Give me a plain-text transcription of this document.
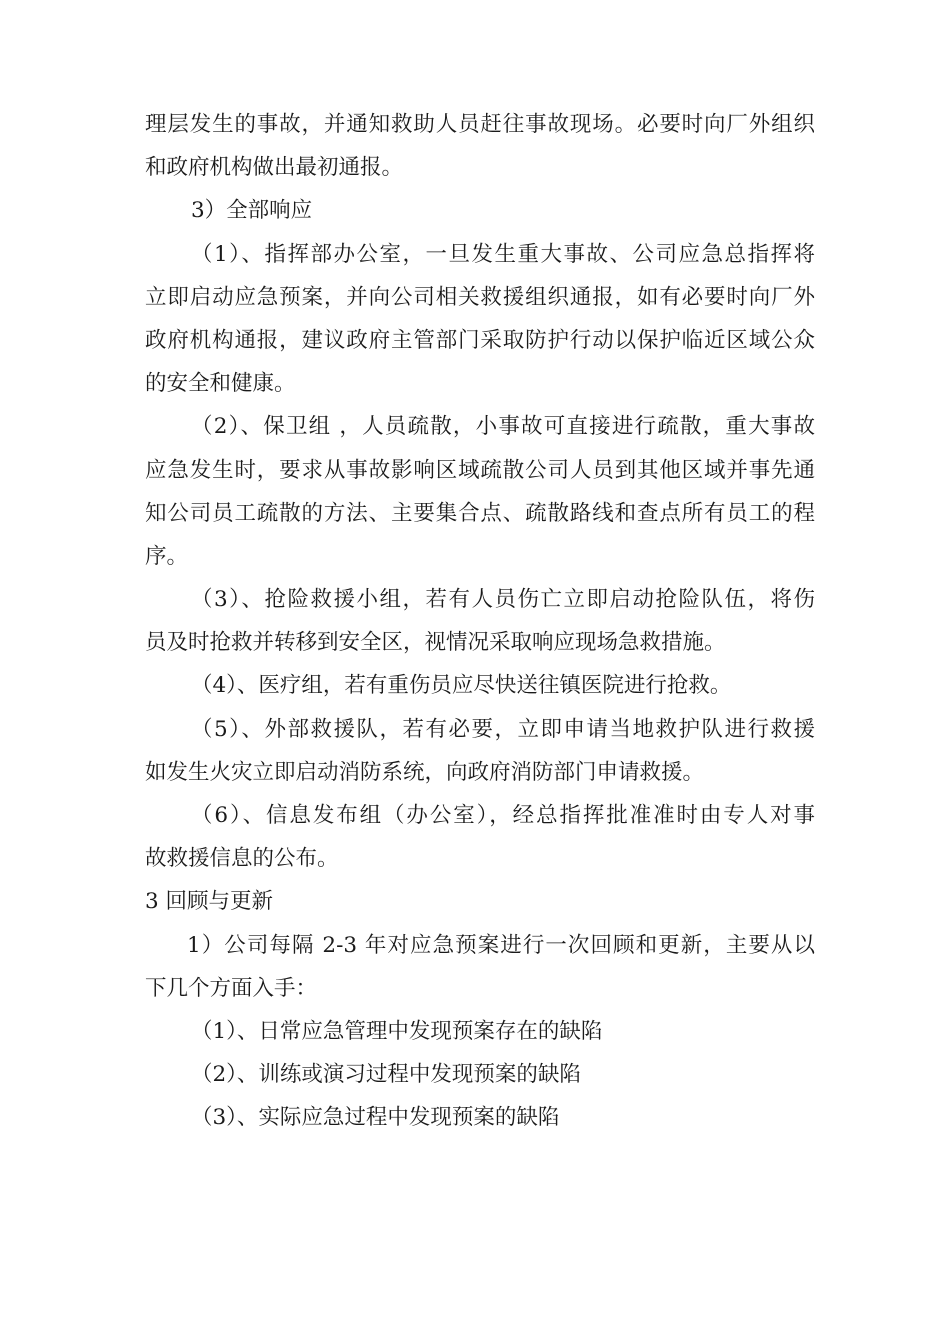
理层发生的事故，并通知救助人员赶往事故现场。必要时向厂外组织
和政府机构做出最初通报。
3）全部响应
（1）、指挥部办公室，一旦发生重大事故、公司应急总指挥将
立即启动应急预案，并向公司相关救援组织通报，如有必要时向厂外
政府机构通报，建议政府主管部门采取防护行动以保护临近区域公众
的安全和健康。
（2）、保卫组 ，人员疏散，小事故可直接进行疏散，重大事故
应急发生时，要求从事故影响区域疏散公司人员到其他区域并事先通
知公司员工疏散的方法、主要集合点、疏散路线和查点所有员工的程
序。
（3）、抢险救援小组，若有人员伤亡立即启动抢险队伍，将伤
员及时抢救并转移到安全区，视情况采取响应现场急救措施。
（4）、医疗组，若有重伤员应尽快送往镇医院进行抢救。
（5）、外部救援队，若有必要，立即申请当地救护队进行救援
如发生火灾立即启动消防系统，向政府消防部门申请救援。
（6）、信息发布组（办公室），经总指挥批准准时由专人对事
故救援信息的公布。
3 回顾与更新
1）公司每隔 2-3 年对应急预案进行一次回顾和更新，主要从以
下几个方面入手：
（1）、日常应急管理中发现预案存在的缺陷
（2）、训练或演习过程中发现预案的缺陷
（3）、实际应急过程中发现预案的缺陷
